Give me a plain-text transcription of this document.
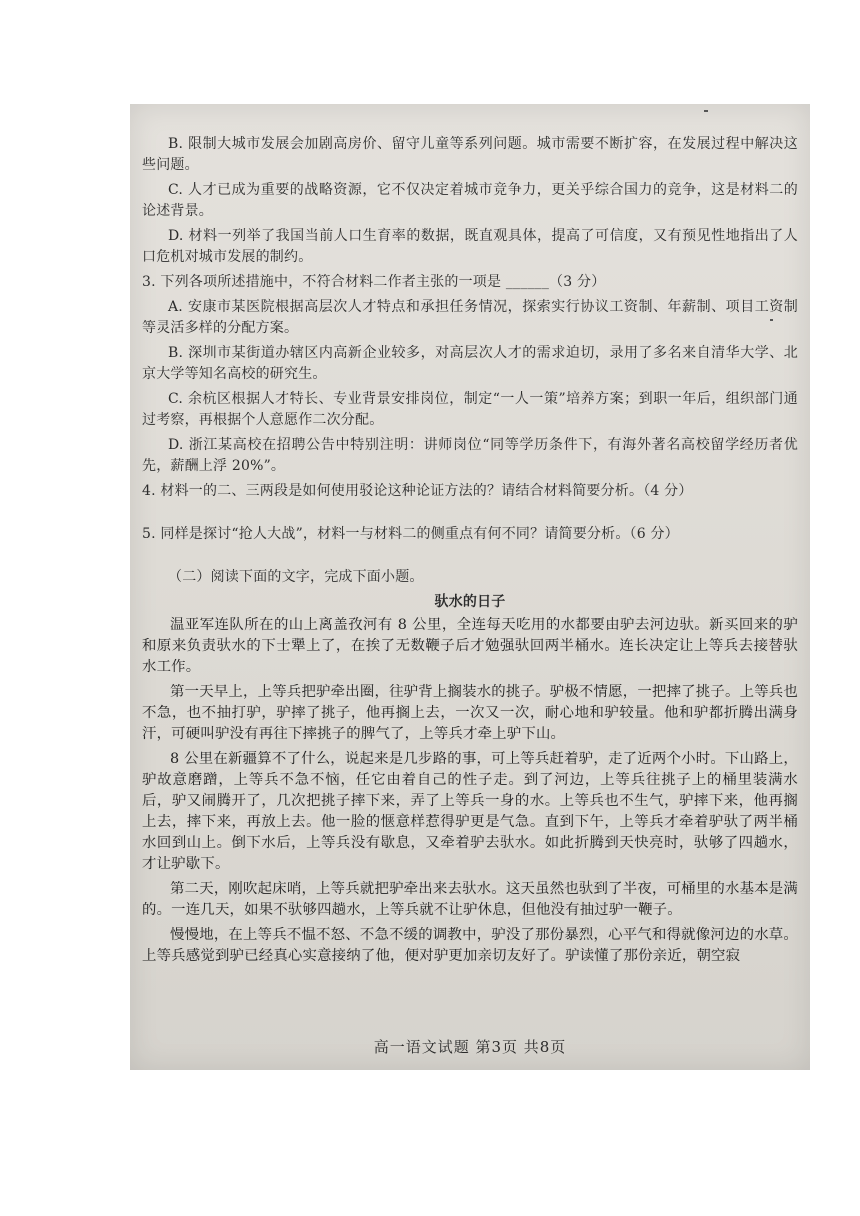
B. 限制大城市发展会加剧高房价、留守儿童等系列问题。城市需要不断扩容，在发展过程中解决这些问题。

C. 人才已成为重要的战略资源，它不仅决定着城市竞争力，更关乎综合国力的竞争，这是材料二的论述背景。

D. 材料一列举了我国当前人口生育率的数据，既直观具体，提高了可信度，又有预见性地指出了人口危机对城市发展的制约。

3. 下列各项所述措施中，不符合材料二作者主张的一项是 ______（3 分）

A. 安康市某医院根据高层次人才特点和承担任务情况，探索实行协议工资制、年薪制、项目工资制等灵活多样的分配方案。

B. 深圳市某街道办辖区内高新企业较多，对高层次人才的需求迫切，录用了多名来自清华大学、北京大学等知名高校的研究生。

C. 余杭区根据人才特长、专业背景安排岗位，制定“一人一策”培养方案；到职一年后，组织部门通过考察，再根据个人意愿作二次分配。

D. 浙江某高校在招聘公告中特别注明：讲师岗位“同等学历条件下，有海外著名高校留学经历者优先，薪酬上浮 20%”。

4. 材料一的二、三两段是如何使用驳论这种论证方法的？请结合材料简要分析。（4 分）

5. 同样是探讨“抢人大战”，材料一与材料二的侧重点有何不同？请简要分析。（6 分）

（二）阅读下面的文字，完成下面小题。

驮水的日子

温亚军连队所在的山上离盖孜河有 8 公里，全连每天吃用的水都要由驴去河边驮。新买回来的驴和原来负责驮水的下士犟上了，在挨了无数鞭子后才勉强驮回两半桶水。连长决定让上等兵去接替驮水工作。

第一天早上，上等兵把驴牵出圈，往驴背上搁装水的挑子。驴极不情愿，一把摔了挑子。上等兵也不急，也不抽打驴，驴摔了挑子，他再搁上去，一次又一次，耐心地和驴较量。他和驴都折腾出满身汗，可硬叫驴没有再往下摔挑子的脾气了，上等兵才牵上驴下山。

8 公里在新疆算不了什么，说起来是几步路的事，可上等兵赶着驴，走了近两个小时。下山路上，驴故意磨蹭，上等兵不急不恼，任它由着自己的性子走。到了河边，上等兵往挑子上的桶里装满水后，驴又闹腾开了，几次把挑子摔下来，弄了上等兵一身的水。上等兵也不生气，驴摔下来，他再搁上去，摔下来，再放上去。他一脸的惬意样惹得驴更是气急。直到下午，上等兵才牵着驴驮了两半桶水回到山上。倒下水后，上等兵没有歇息，又牵着驴去驮水。如此折腾到天快亮时，驮够了四趟水，才让驴歇下。

第二天，刚吹起床哨，上等兵就把驴牵出来去驮水。这天虽然也驮到了半夜，可桶里的水基本是满的。一连几天，如果不驮够四趟水，上等兵就不让驴休息，但他没有抽过驴一鞭子。

慢慢地，在上等兵不愠不怒、不急不缓的调教中，驴没了那份暴烈，心平气和得就像河边的水草。上等兵感觉到驴已经真心实意接纳了他，便对驴更加亲切友好了。驴读懂了那份亲近，朝空寂

高一语文试题 第3页 共8页
